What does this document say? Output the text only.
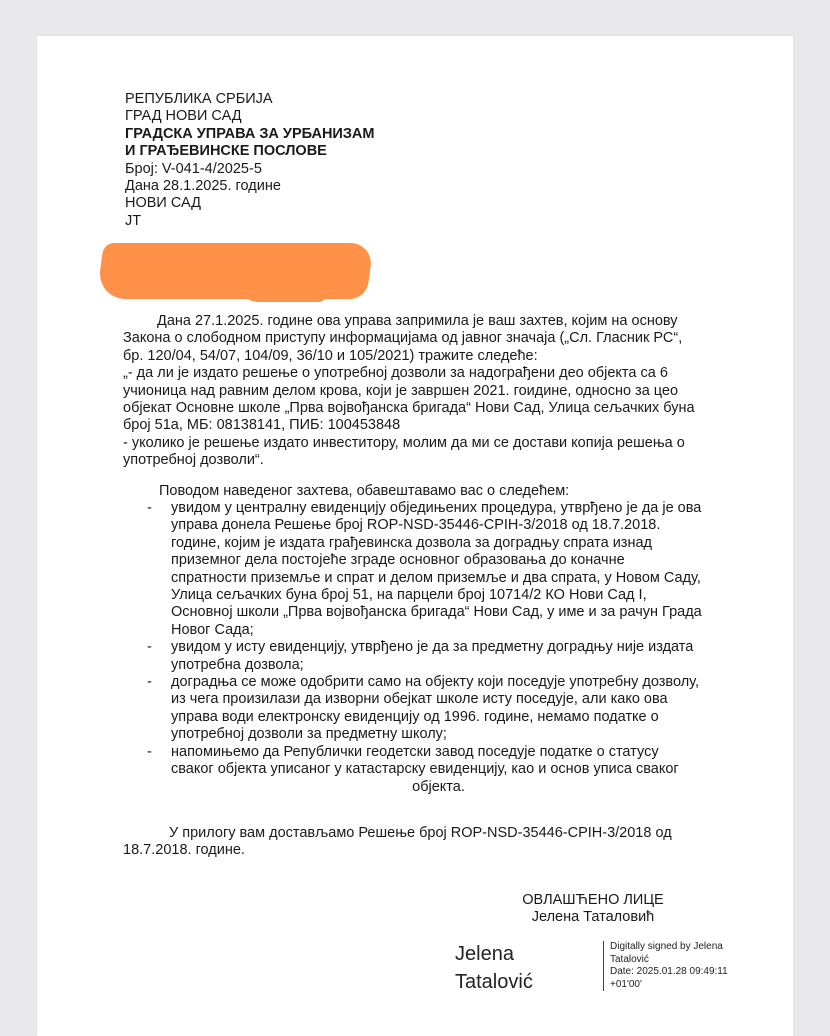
РЕПУБЛИКА СРБИЈА
ГРАД НОВИ САД
ГРАДСКА УПРАВА ЗА УРБАНИЗАМ
И ГРАЂЕВИНСКЕ ПОСЛОВЕ
Број: V-041-4/2025-5
Дана 28.1.2025. године
НОВИ САД
ЈТ

Дана 27.1.2025. године ова управа запримила је ваш захтев, којим на основу

Закона о слободном приступу информацијама од јавног значаја („Сл. Гласник РС“,

бр. 120/04, 54/07, 104/09, 36/10 и 105/2021) тражите следеће:

„- да ли је издато решење о употребној дозволи за надограђени део објекта са 6

учионица над равним делом крова, који је завршен 2021. гоидине, односно за цео

објекат Основне школе „Прва војвођанска бригада“ Нови Сад, Улица сељачких буна

број 51а, МБ: 08138141, ПИБ: 100453848

- уколико је решење издато инвеститору, молим да ми се достави копија решења о

употребној дозволи“.

Поводом наведеног захтева, обавештавамо вас о следећем:
-	увидом у централну евиденцију обједињених процедура, утврђено је да је ова
управа донела Решење број ROP-NSD-35446-CPIH-3/2018 од 18.7.2018.
године, којим је издата грађевинска дозвола за доградњу спрата изнад
приземног дела постојеће зграде основног образовања до коначне
спратности приземље и спрат и делом приземље и два спрата, у Новом Саду,
Улица сељачких буна број 51, на парцели број 10714/2 КО Нови Сад I,
Основној школи „Прва војвођанска бригада“ Нови Сад, у име и за рачун Града
Новог Сада;
-	увидом у исту евиденцију, утврђено је да за предметну доградњу није издата
употребна дозвола;
-	доградња се може одобрити само на објекту који поседује употребну дозволу,
из чега произилази да изворни обејкат школе исту поседује, али како ова
управа води електронску евиденцију од 1996. године, немамо податке о
употребној дозволи за предметну школу;
-	напомињемо да Републички геодетски завод поседује податке о статусу
сваког објекта уписаног у катастарску евиденцију, као и основ уписа сваког
објекта.
У прилогу вам достављамо Решење број ROP-NSD-35446-CPIH-3/2018 од
18.7.2018. године.
ОВЛАШЋЕНО ЛИЦЕ
Јелена Таталовић
Jelena
Tatalović
Digitally signed by Jelena
Tatalović
Date: 2025.01.28 09:49:11
+01'00'
